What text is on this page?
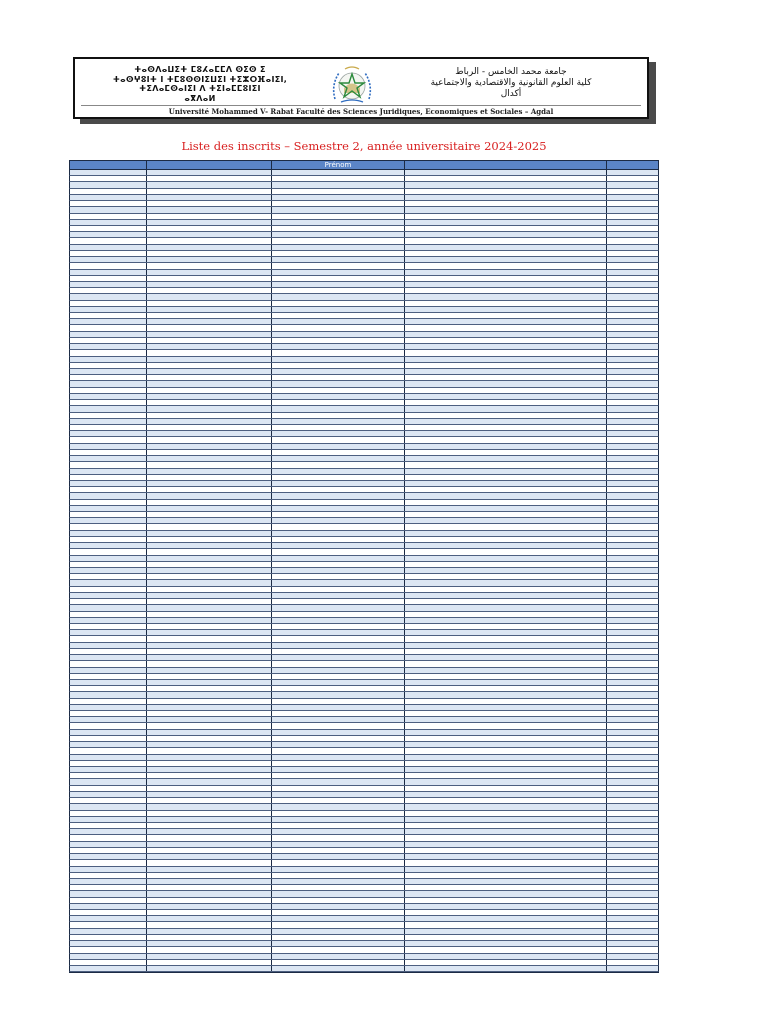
ⵜⴰⵙⴷⴰⵡⵉⵜ ⵎⵓⵃⴰⵎⵎⴷ ⵙⵉⵙ ⵉ
ⵜⴰⵙⵖⵓⵏⵜ ⵏ ⵜⵎⵓⵙⵙⵏⵉⵡⵉⵏ ⵜⵉⵣⵔⴼⴰⵏⵉⵏ,
ⵜⵉⴷⴰⵎⵙⴰⵏⵉⵏ ⴷ ⵜⵉⵏⴰⵎⵎⵓⵏⵉⵏ
ⴰⴳⴷⴰⵍ
جامعة محمد الخامس - الرباط
كلية العلوم القانونية والاقتصادية والاجتماعية
أكدال
Université Mohammed V- Rabat Faculté des Sciences Juridiques, Economiques et Sociales – Agdal
Liste des inscrits – Semestre 2, année universitaire 2024-2025
Prénom
